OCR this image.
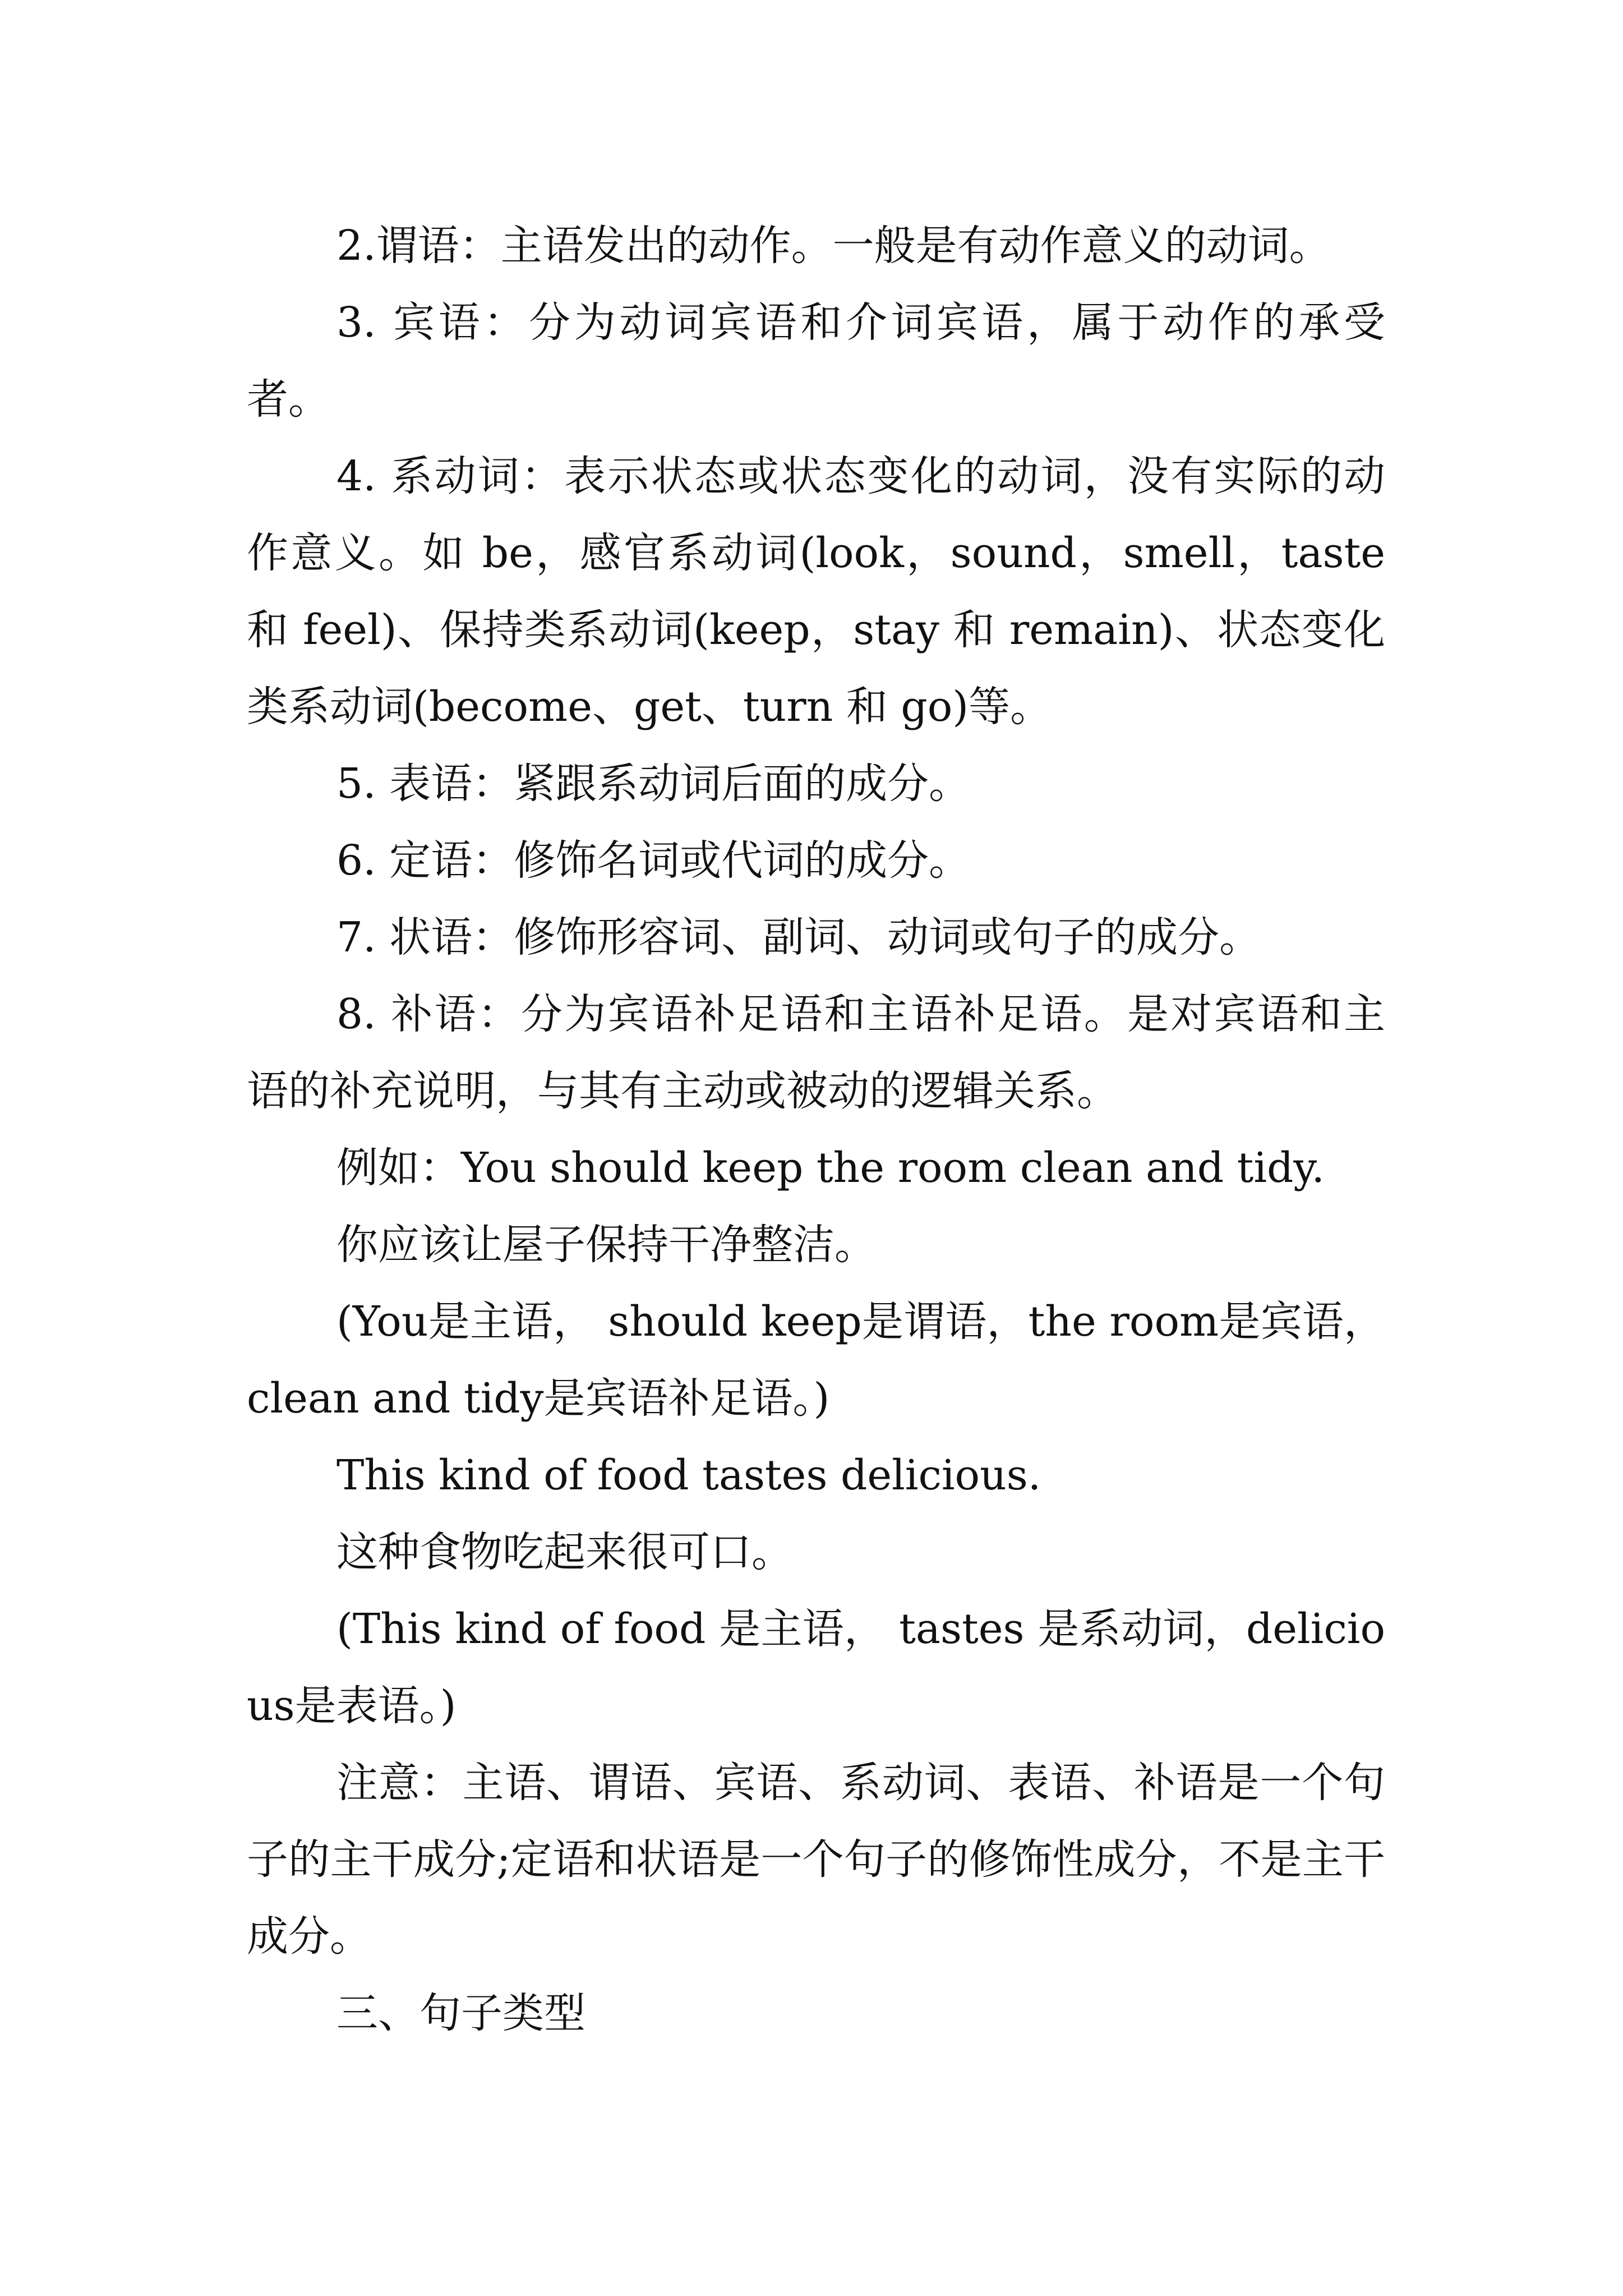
2.谓语：主语发出的动作。一般是有动作意义的动词。

3. 宾语：分为动词宾语和介词宾语，属于动作的承受者。

4. 系动词：表示状态或状态变化的动词，没有实际的动作意义。如 be，感官系动词(look，sound，smell，taste 和 feel)、保持类系动词(keep，stay 和 remain)、状态变化类系动词(become、get、turn 和 go)等。

5. 表语：紧跟系动词后面的成分。

6. 定语：修饰名词或代词的成分。

7. 状语：修饰形容词、副词、动词或句子的成分。

8. 补语：分为宾语补足语和主语补足语。是对宾语和主语的补充说明，与其有主动或被动的逻辑关系。

例如：You should keep the room clean and tidy.

你应该让屋子保持干净整洁。

(You是主语， should keep是谓语，the room是宾语，clean and tidy是宾语补足语。)

This kind of food tastes delicious.

这种食物吃起来很可口。

(This kind of food 是主语， tastes 是系动词，delicious是表语。)

注意：主语、谓语、宾语、系动词、表语、补语是一个句子的主干成分;定语和状语是一个句子的修饰性成分，不是主干成分。

三、句子类型
